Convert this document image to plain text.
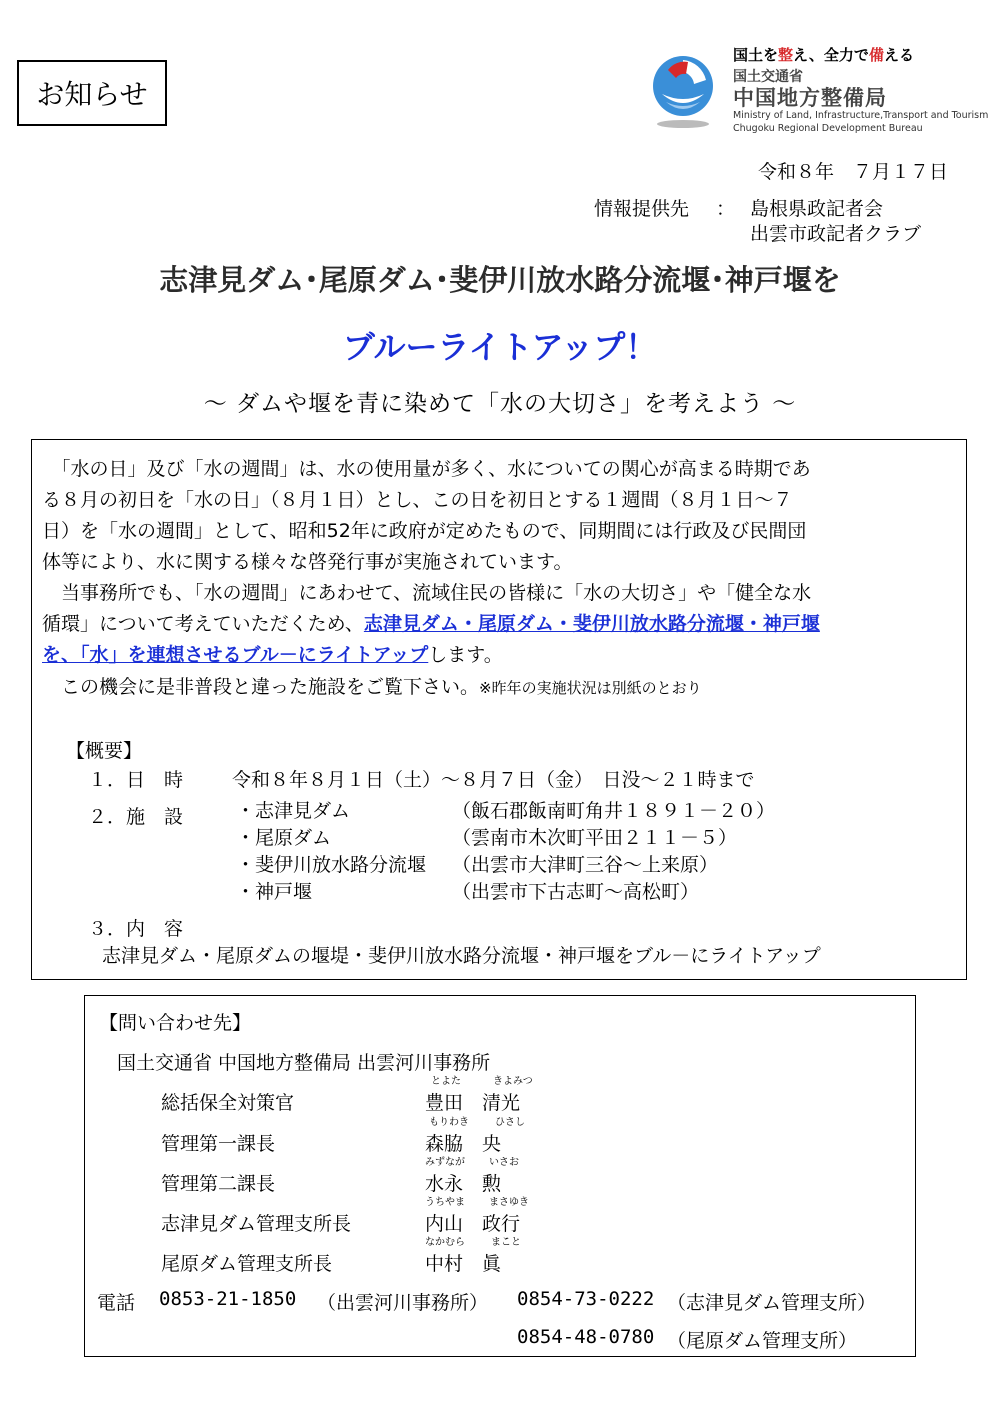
お知らせ
国土を整え、全力で備える
国土交通省
中国地方整備局
Ministry of Land, Infrastructure,Transport and Tourism
Chugoku Regional Development Bureau
令和８年　７月１７日
情報提供先 ： 島根県政記者会
出雲市政記者クラブ
志津見ダム･尾原ダム･斐伊川放水路分流堰･神戸堰を
ブルーライトアップ！
～ ダムや堰を青に染めて「水の大切さ」を考えよう ～
　「水の日」及び「水の週間」は、水の使用量が多く、水についての関心が高まる時期であ
る８月の初日を「水の日」（８月１日）とし、この日を初日とする１週間（８月１日～７
日）を「水の週間」として、昭和52年に政府が定めたもので、同期間には行政及び民間団
体等により、水に関する様々な啓発行事が実施されています。
　当事務所でも、「水の週間」にあわせて、流域住民の皆様に「水の大切さ」や「健全な水
循環」について考えていただくため、志津見ダム・尾原ダム・斐伊川放水路分流堰・神戸堰
を、「水」を連想させるブル－にライトアップします。
　この機会に是非普段と違った施設をご覧下さい。※昨年の実施状況は別紙のとおり
【概要】
１．日　時	令和８年８月１日（土）～８月７日（金）　日没～２１時まで
２．施　設	・志津見ダム	（飯石郡飯南町角井１８９１－２０）
・尾原ダム	（雲南市木次町平田２１１－５）
・斐伊川放水路分流堰 （出雲市大津町三谷～上来原）
・神戸堰	（出雲市下古志町～高松町）
３．内　容
志津見ダム・尾原ダムの堰堤・斐伊川放水路分流堰・神戸堰をブル－にライトアップ
【問い合わせ先】
国土交通省 中国地方整備局 出雲河川事務所
総括保全対策官
とよた	きよみつ
豊田　清光
管理第一課長
もりわき	ひさし
森脇　央
管理第二課長
みずなが いさお
水永　勲
志津見ダム管理支所長
うちやま まさゆき
内山　政行
尾原ダム管理支所長
なかむら	まこと
中村　眞
電話 0853-21-1850 （出雲河川事務所） 0854-73-0222 （志津見ダム管理支所）
0854-48-0780 （尾原ダム管理支所）
